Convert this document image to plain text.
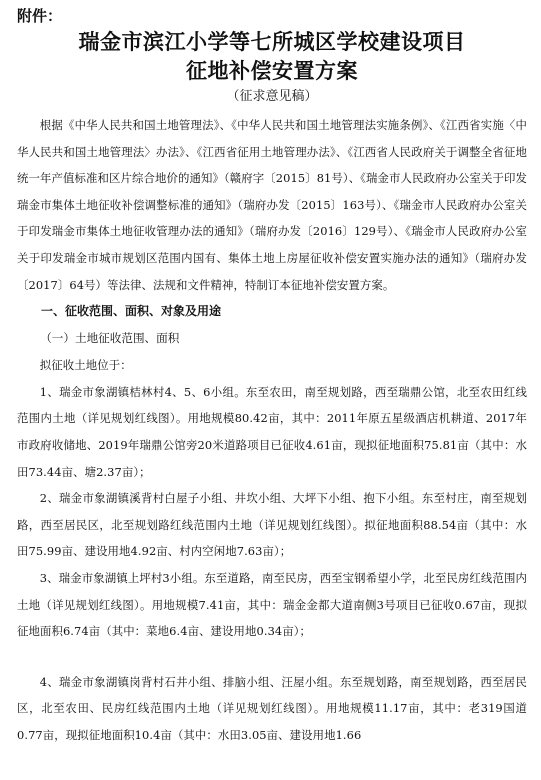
附件：
瑞金市滨江小学等七所城区学校建设项目
征地补偿安置方案
（征求意见稿）

根据《中华人民共和国土地管理法》、《中华人民共和国土地管理法实施条例》、《江西省实施〈中华人民共和国土地管理法〉办法》、《江西省征用土地管理办法》、《江西省人民政府关于调整全省征地统一年产值标准和区片综合地价的通知》（赣府字〔2015〕81号）、《瑞金市人民政府办公室关于印发瑞金市集体土地征收补偿调整标准的通知》（瑞府办发〔2015〕163号）、《瑞金市人民政府办公室关于印发瑞金市集体土地征收管理办法的通知》（瑞府办发〔2016〕129号）、《瑞金市人民政府办公室关于印发瑞金市城市规划区范围内国有、集体土地上房屋征收补偿安置实施办法的通知》（瑞府办发〔2017〕64号）等法律、法规和文件精神，特制订本征地补偿安置方案。

一、征收范围、面积、对象及用途

（一）土地征收范围、面积

拟征收土地位于：

1、瑞金市象湖镇桔林村4、5、6小组。东至农田，南至规划路，西至瑞鼎公馆，北至农田红线范围内土地（详见规划红线图）。用地规模80.42亩，其中：2011年原五星级酒店机耕道、2017年市政府收储地、2019年瑞鼎公馆旁20米道路项目已征收4.61亩，现拟征地面积75.81亩（其中：水田73.44亩、塘2.37亩）；

2、瑞金市象湖镇溪背村白屋子小组、井坎小组、大坪下小组、抱下小组。东至村庄，南至规划路，西至居民区，北至规划路红线范围内土地（详见规划红线图）。拟征地面积88.54亩（其中：水田75.99亩、建设用地4.92亩、村内空闲地7.63亩）；

3、瑞金市象湖镇上坪村3小组。东至道路，南至民房，西至宝钢希望小学，北至民房红线范围内土地（详见规划红线图）。用地规模7.41亩，其中：瑞金金都大道南侧3号项目已征收0.67亩，现拟征地面积6.74亩（其中：菜地6.4亩、建设用地0.34亩）；

4、瑞金市象湖镇岗背村石井小组、排脑小组、汪屋小组。东至规划路，南至规划路，西至居民区，北至农田、民房红线范围内土地（详见规划红线图）。用地规模11.17亩，其中：老319国道0.77亩，现拟征地面积10.4亩（其中：水田3.05亩、建设用地1.66
